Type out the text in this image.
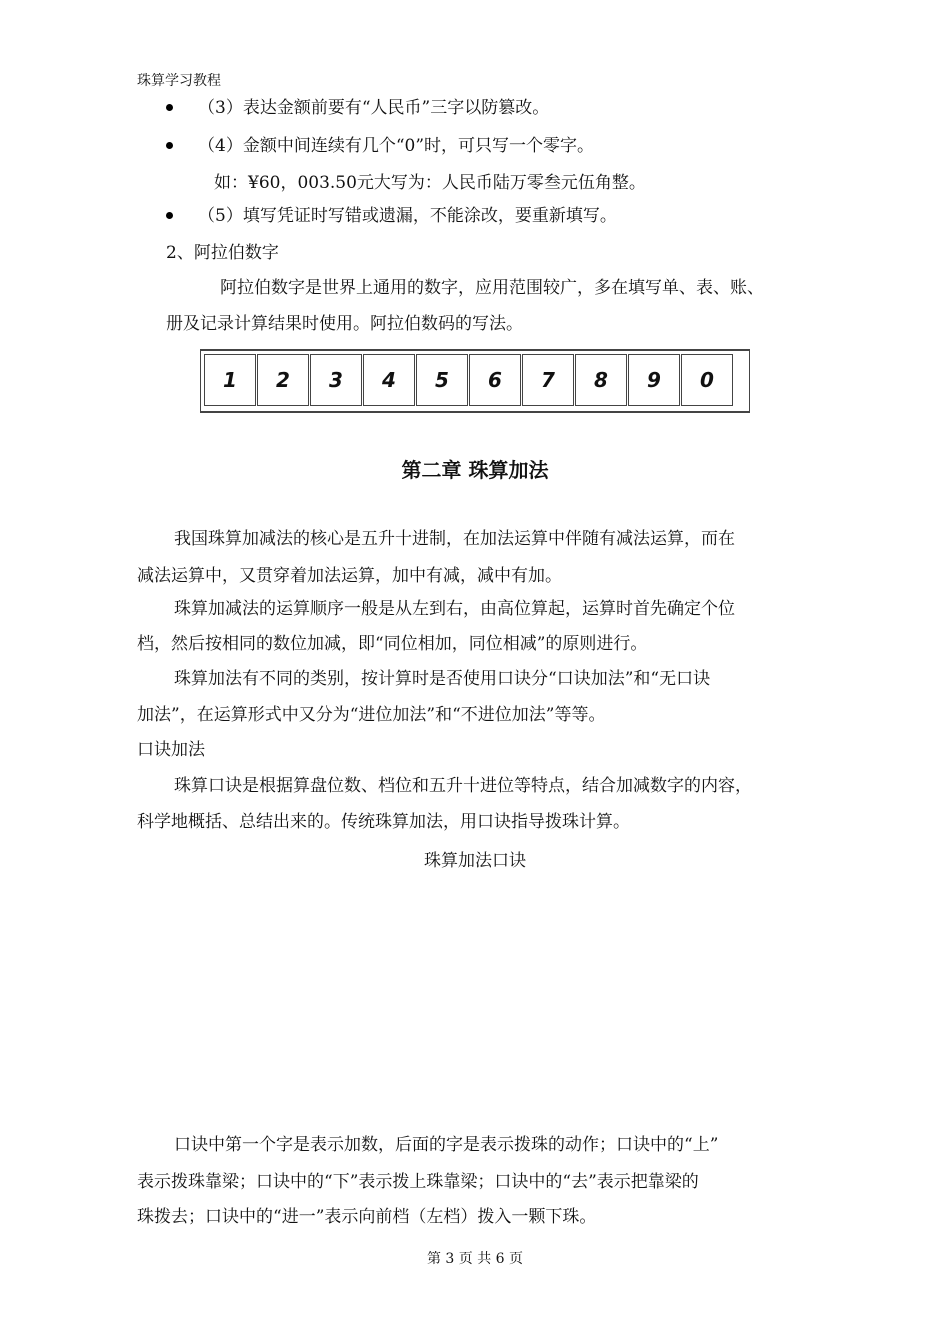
珠算学习教程
（3）表达金额前要有“人民币”三字以防篡改。
（4）金额中间连续有几个“0”时，可只写一个零字。
如：¥60，003.50元大写为：人民币陆万零叁元伍角整。
（5）填写凭证时写错或遗漏，不能涂改，要重新填写。
2、阿拉伯数字
阿拉伯数字是世界上通用的数字，应用范围较广，多在填写单、表、账、
册及记录计算结果时使用。阿拉伯数码的写法。
1	2	3	4	5	6	7	8	9	0
第二章 珠算加法
我国珠算加减法的核心是五升十进制，在加法运算中伴随有减法运算，而在
减法运算中，又贯穿着加法运算，加中有减，减中有加。
珠算加减法的运算顺序一般是从左到右，由高位算起，运算时首先确定个位
档，然后按相同的数位加减，即“同位相加，同位相减”的原则进行。
珠算加法有不同的类别，按计算时是否使用口诀分“口诀加法”和“无口诀
加法”，在运算形式中又分为“进位加法”和“不进位加法”等等。
口诀加法
珠算口诀是根据算盘位数、档位和五升十进位等特点，结合加减数字的内容，
科学地概括、总结出来的。传统珠算加法，用口诀指导拨珠计算。
珠算加法口诀
口诀中第一个字是表示加数，后面的字是表示拨珠的动作；口诀中的“上”
表示拨珠靠梁；口诀中的“下”表示拨上珠靠梁；口诀中的“去”表示把靠梁的
珠拨去；口诀中的“进一”表示向前档（左档）拨入一颗下珠。
第 3 页 共 6 页
